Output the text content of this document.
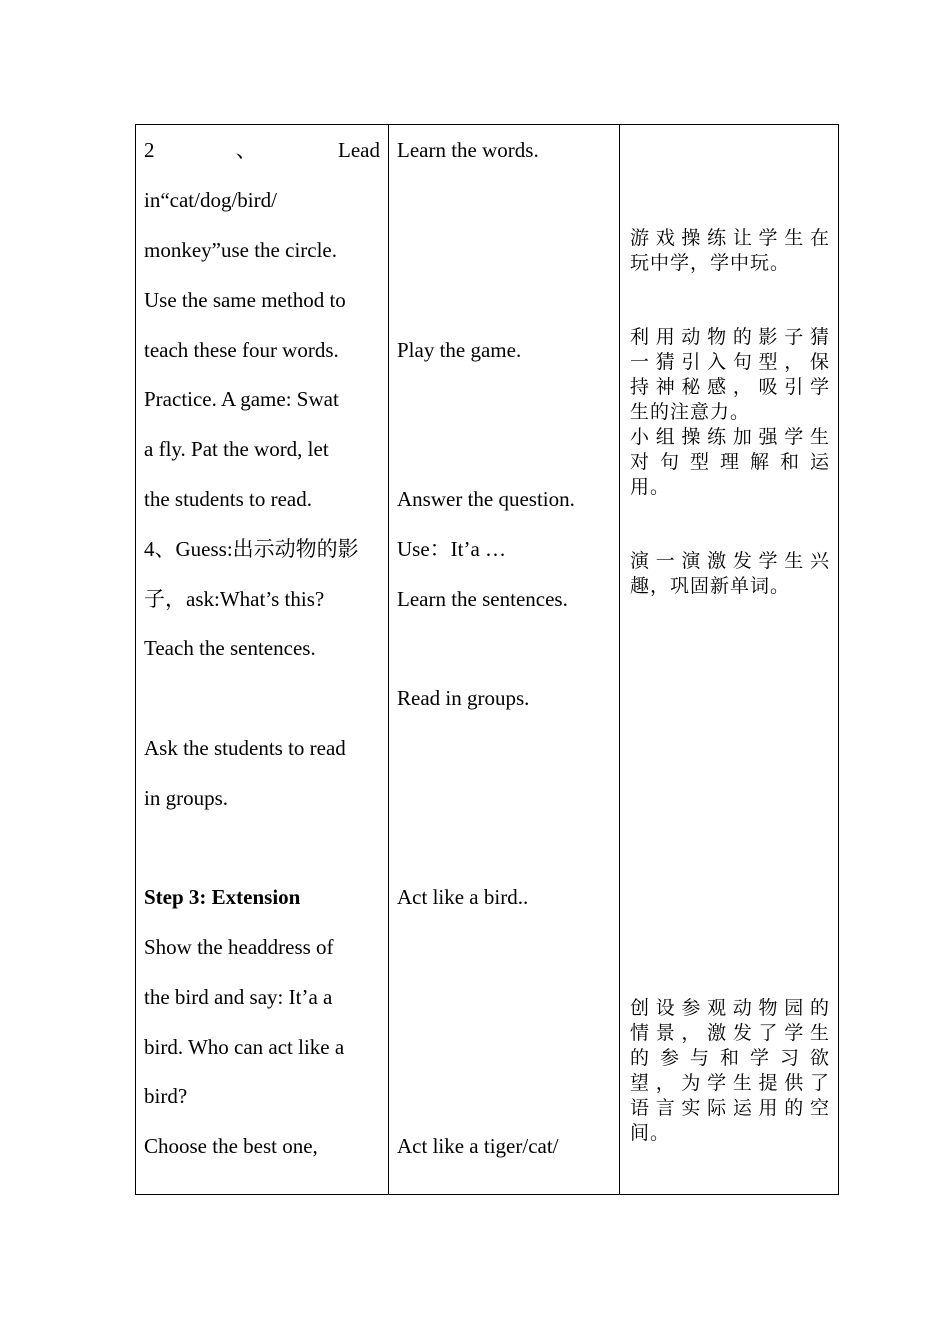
2	、	Lead
in“cat/dog/bird/
monkey”use the circle.
Use the same method to
teach these four words.
Practice. A game: Swat
a fly. Pat the word, let
the students to read.
4、Guess:出示动物的影
子，ask:What’s this?
Teach the sentences.
Ask the students to read
in groups.
Step 3: Extension
Show the headdress of
the bird and say: It’a a
bird. Who can act like a
bird?
Choose the best one,
Learn the words.
Play the game.
Answer the question.
Use：It’a …
Learn the sentences.
Read in groups.
Act like a bird..
Act like a tiger/cat/
游戏操练让学生在
玩中学，学中玩。
利用动物的影子猜
一猜引入句型，保
持神秘感，吸引学
生的注意力。
小组操练加强学生
对句型理解和运
用。
演一演激发学生兴
趣，巩固新单词。
创设参观动物园的
情景，激发了学生
的参与和学习欲
望，为学生提供了
语言实际运用的空
间。
